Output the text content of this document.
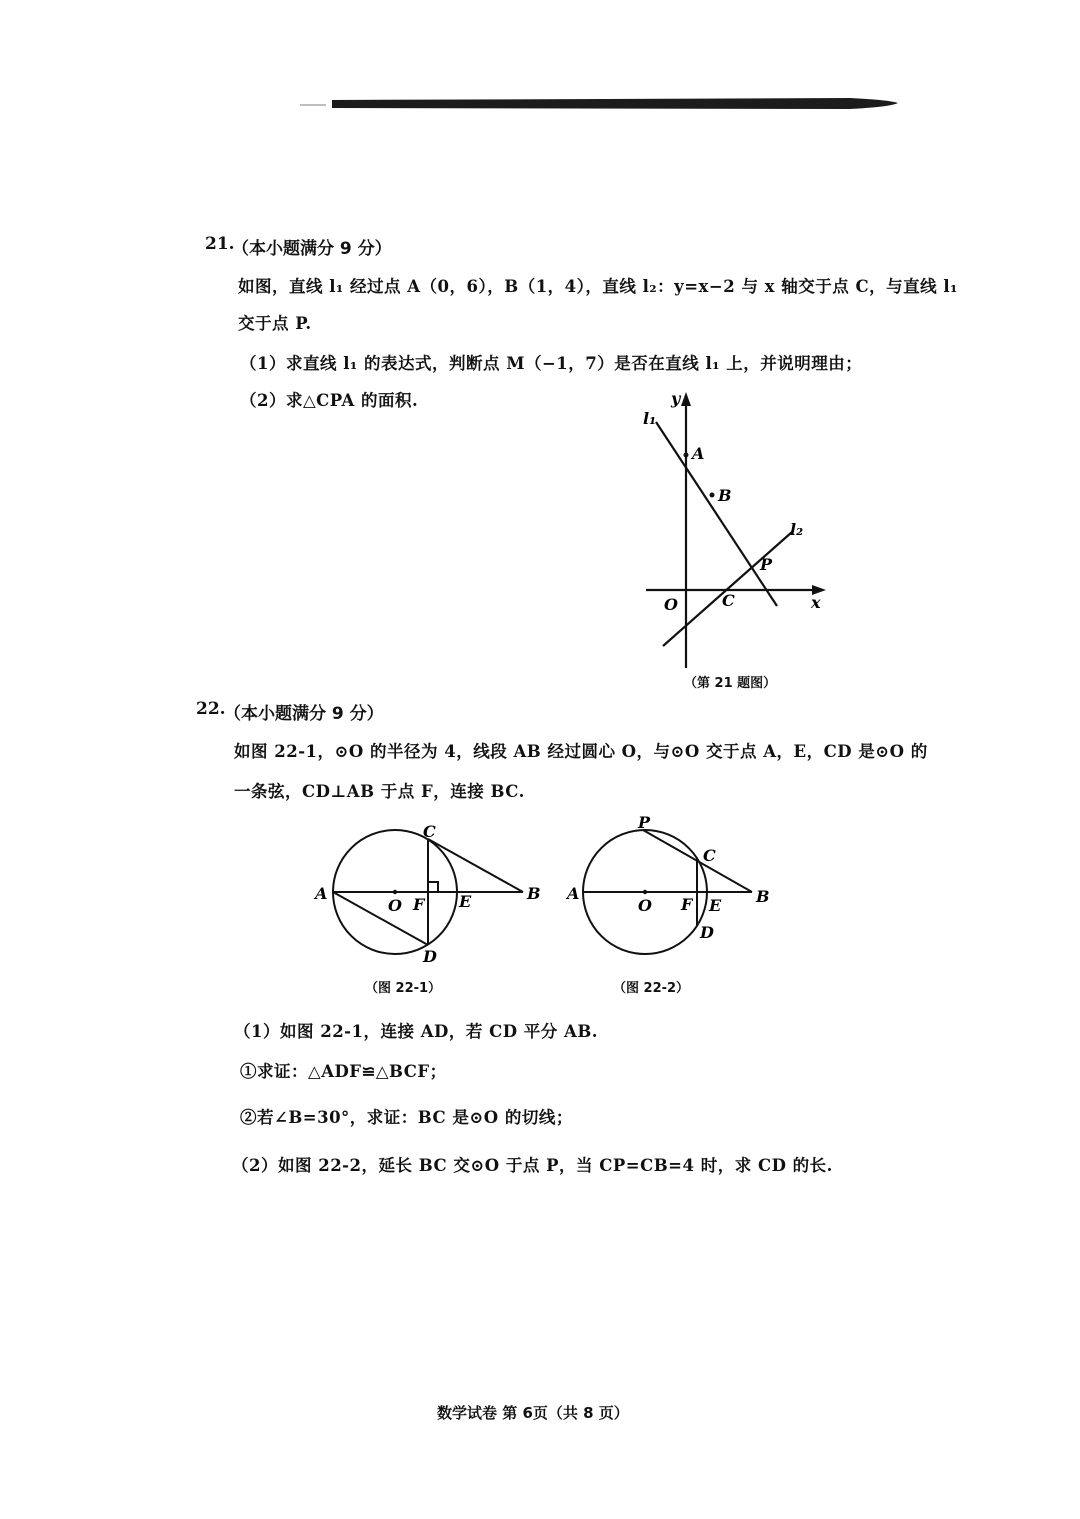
21.
（本小题满分 9 分）
如图，直线 l₁ 经过点 A（0，6），B（1，4），直线 l₂：y=x−2 与 x 轴交于点 C，与直线 l₁
交于点 P.
（1）求直线 l₁ 的表达式，判断点 M（−1，7）是否在直线 l₁ 上，并说明理由；
（2）求△CPA 的面积.	y
l₁
A
B
l₂
P
O	C	x
（第 21 题图）
22.
（本小题满分 9 分）
如图 22-1，⊙O 的半径为 4，线段 AB 经过圆心 O，与⊙O 交于点 A，E，CD 是⊙O 的
一条弦，CD⊥AB 于点 F，连接 BC.
A
C
B
O F E
D
（图 22-1）
P
C
A	B
O F E
D
（图 22-2）
（1）如图 22-1，连接 AD，若 CD 平分 AB.
①求证：△ADF≌△BCF；
②若∠B=30°，求证：BC 是⊙O 的切线；
（2）如图 22-2，延长 BC 交⊙O 于点 P，当 CP=CB=4 时，求 CD 的长.
数学试卷 第 6页（共 8 页）
